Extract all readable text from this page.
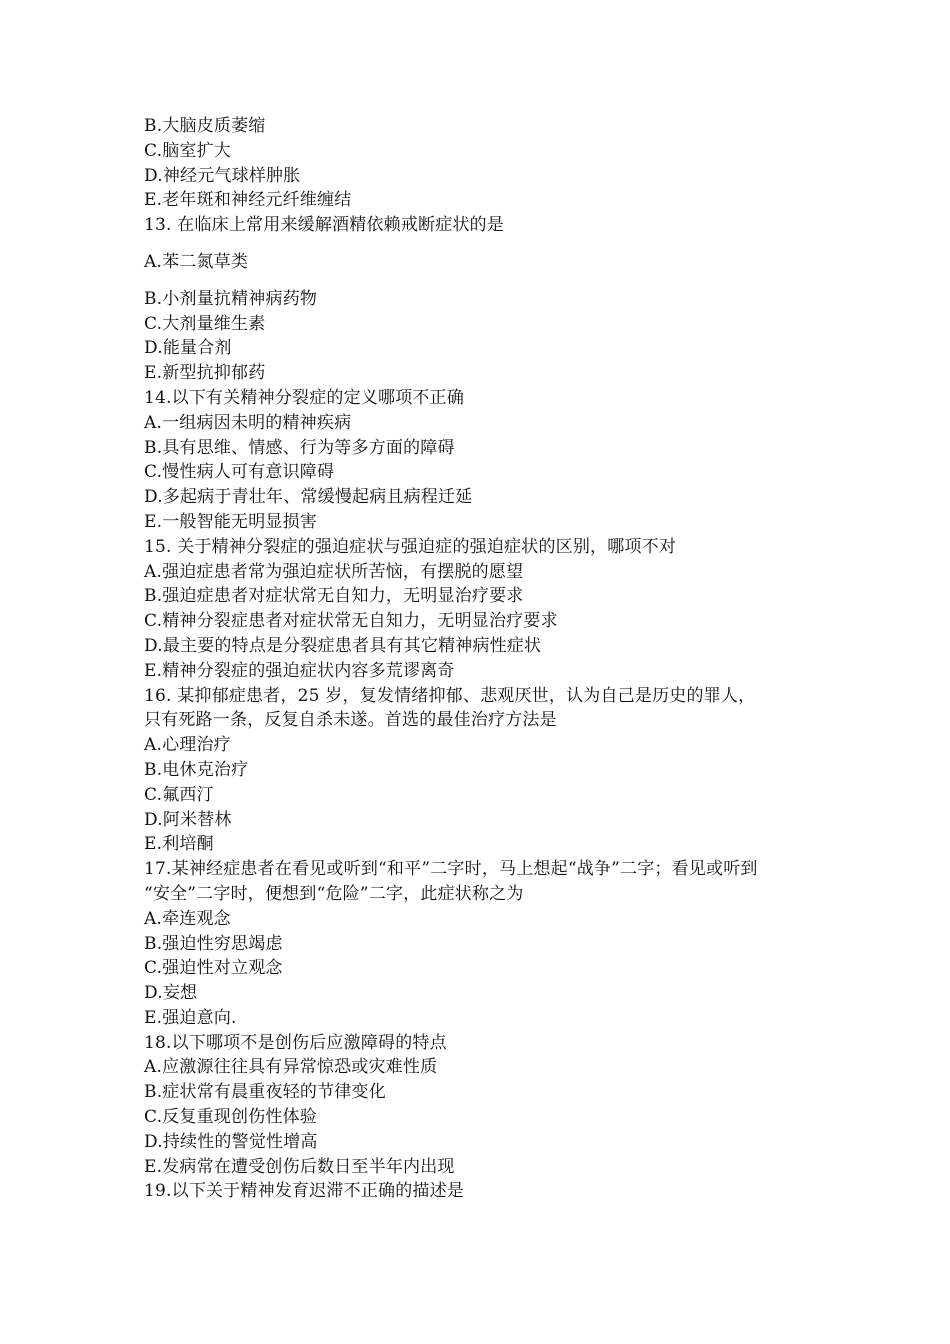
B.大脑皮质萎缩
C.脑室扩大
D.神经元气球样肿胀
E.老年斑和神经元纤维缠结
13. 在临床上常用来缓解酒精依赖戒断症状的是
A.苯二氮草类
B.小剂量抗精神病药物
C.大剂量维生素
D.能量合剂
E.新型抗抑郁药
14.以下有关精神分裂症的定义哪项不正确
A.一组病因未明的精神疾病
B.具有思维、情感、行为等多方面的障碍
C.慢性病人可有意识障碍
D.多起病于青壮年、常缓慢起病且病程迁延
E.一般智能无明显损害
15. 关于精神分裂症的强迫症状与强迫症的强迫症状的区别，哪项不对
A.强迫症患者常为强迫症状所苦恼，有摆脱的愿望
B.强迫症患者对症状常无自知力，无明显治疗要求
C.精神分裂症患者对症状常无自知力，无明显治疗要求
D.最主要的特点是分裂症患者具有其它精神病性症状
E.精神分裂症的强迫症状内容多荒谬离奇
16. 某抑郁症患者，25 岁，复发情绪抑郁、悲观厌世，认为自己是历史的罪人，
只有死路一条，反复自杀未遂。首选的最佳治疗方法是
A.心理治疗
B.电休克治疗
C.氟西汀
D.阿米替林
E.利培酮
17.某神经症患者在看见或听到“和平”二字时，马上想起“战争”二字；看见或听到
“安全”二字时，便想到“危险”二字，此症状称之为
A.牵连观念
B.强迫性穷思竭虑
C.强迫性对立观念
D.妄想
E.强迫意向.
18.以下哪项不是创伤后应激障碍的特点
A.应激源往往具有异常惊恐或灾难性质
B.症状常有晨重夜轻的节律变化
C.反复重现创伤性体验
D.持续性的警觉性增高
E.发病常在遭受创伤后数日至半年内出现
19.以下关于精神发育迟滞不正确的描述是
